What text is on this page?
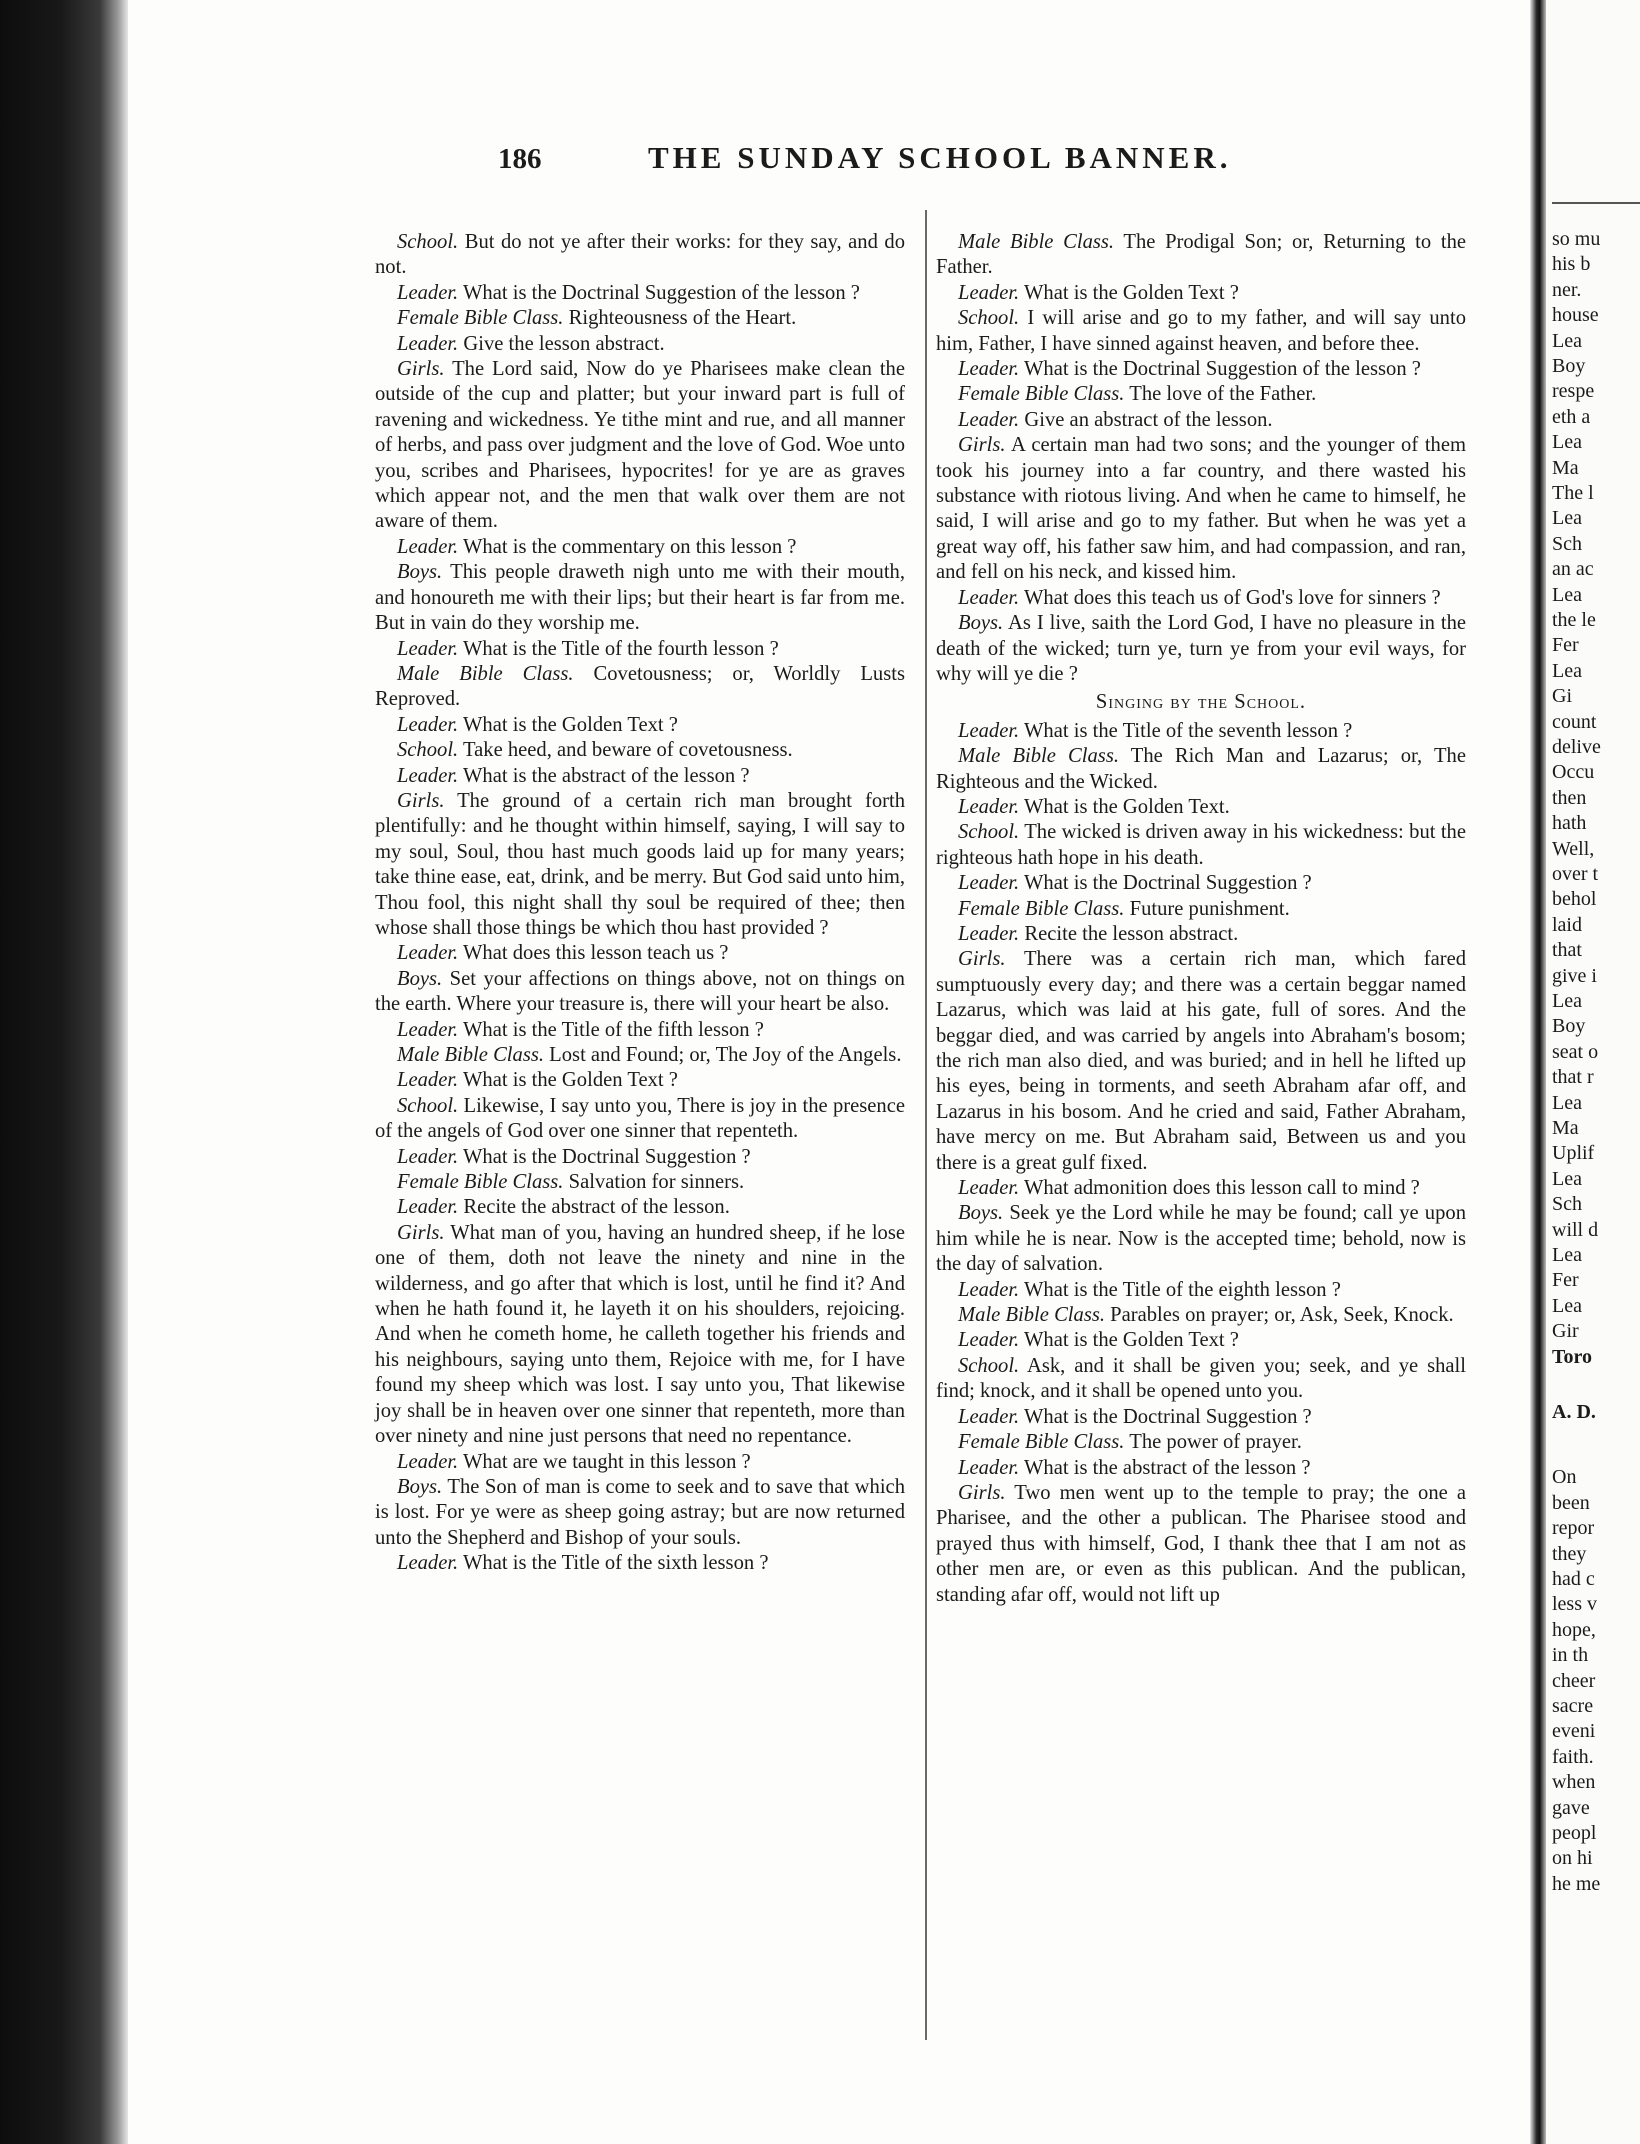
186	THE SUNDAY SCHOOL BANNER.

School. But do not ye after their works: for they say, and do not.

Leader. What is the Doctrinal Suggestion of the lesson ?

Female Bible Class. Righteousness of the Heart.

Leader. Give the lesson abstract.

Girls. The Lord said, Now do ye Pharisees make clean the outside of the cup and platter; but your inward part is full of ravening and wickedness. Ye tithe mint and rue, and all manner of herbs, and pass over judgment and the love of God. Woe unto you, scribes and Pharisees, hypocrites! for ye are as graves which appear not, and the men that walk over them are not aware of them.

Leader. What is the commentary on this lesson ?

Boys. This people draweth nigh unto me with their mouth, and honoureth me with their lips; but their heart is far from me. But in vain do they worship me.

Leader. What is the Title of the fourth lesson ?

Male Bible Class. Covetousness; or, Worldly Lusts Reproved.

Leader. What is the Golden Text ?

School. Take heed, and beware of covetousness.

Leader. What is the abstract of the lesson ?

Girls. The ground of a certain rich man brought forth plentifully: and he thought within himself, saying, I will say to my soul, Soul, thou hast much goods laid up for many years; take thine ease, eat, drink, and be merry. But God said unto him, Thou fool, this night shall thy soul be required of thee; then whose shall those things be which thou hast provided ?

Leader. What does this lesson teach us ?

Boys. Set your affections on things above, not on things on the earth. Where your treasure is, there will your heart be also.

Leader. What is the Title of the fifth lesson ?

Male Bible Class. Lost and Found; or, The Joy of the Angels.

Leader. What is the Golden Text ?

School. Likewise, I say unto you, There is joy in the presence of the angels of God over one sinner that repenteth.

Leader. What is the Doctrinal Suggestion ?

Female Bible Class. Salvation for sinners.

Leader. Recite the abstract of the lesson.

Girls. What man of you, having an hundred sheep, if he lose one of them, doth not leave the ninety and nine in the wilderness, and go after that which is lost, until he find it? And when he hath found it, he layeth it on his shoulders, rejoicing. And when he cometh home, he calleth together his friends and his neighbours, saying unto them, Rejoice with me, for I have found my sheep which was lost. I say unto you, That likewise joy shall be in heaven over one sinner that repenteth, more than over ninety and nine just persons that need no repentance.

Leader. What are we taught in this lesson ?

Boys. The Son of man is come to seek and to save that which is lost. For ye were as sheep going astray; but are now returned unto the Shepherd and Bishop of your souls.

Leader. What is the Title of the sixth lesson ?

Male Bible Class. The Prodigal Son; or, Returning to the Father.

Leader. What is the Golden Text ?

School. I will arise and go to my father, and will say unto him, Father, I have sinned against heaven, and before thee.

Leader. What is the Doctrinal Suggestion of the lesson ?

Female Bible Class. The love of the Father.

Leader. Give an abstract of the lesson.

Girls. A certain man had two sons; and the younger of them took his journey into a far country, and there wasted his substance with riotous living. And when he came to himself, he said, I will arise and go to my father. But when he was yet a great way off, his father saw him, and had compassion, and ran, and fell on his neck, and kissed him.

Leader. What does this teach us of God's love for sinners ?

Boys. As I live, saith the Lord God, I have no pleasure in the death of the wicked; turn ye, turn ye from your evil ways, for why will ye die ?

Singing by the School.

Leader. What is the Title of the seventh lesson ?

Male Bible Class. The Rich Man and Lazarus; or, The Righteous and the Wicked.

Leader. What is the Golden Text.

School. The wicked is driven away in his wickedness: but the righteous hath hope in his death.

Leader. What is the Doctrinal Suggestion ?

Female Bible Class. Future punishment.

Leader. Recite the lesson abstract.

Girls. There was a certain rich man, which fared sumptuously every day; and there was a certain beggar named Lazarus, which was laid at his gate, full of sores. And the beggar died, and was carried by angels into Abraham's bosom; the rich man also died, and was buried; and in hell he lifted up his eyes, being in torments, and seeth Abraham afar off, and Lazarus in his bosom. And he cried and said, Father Abraham, have mercy on me. But Abraham said, Between us and you there is a great gulf fixed.

Leader. What admonition does this lesson call to mind ?

Boys. Seek ye the Lord while he may be found; call ye upon him while he is near. Now is the accepted time; behold, now is the day of salvation.

Leader. What is the Title of the eighth lesson ?

Male Bible Class. Parables on prayer; or, Ask, Seek, Knock.

Leader. What is the Golden Text ?

School. Ask, and it shall be given you; seek, and ye shall find; knock, and it shall be opened unto you.

Leader. What is the Doctrinal Suggestion ?

Female Bible Class. The power of prayer.

Leader. What is the abstract of the lesson ?

Girls. Two men went up to the temple to pray; the one a Pharisee, and the other a publican. The Pharisee stood and prayed thus with himself, God, I thank thee that I am not as other men are, or even as this publican. And the publican, standing afar off, would not lift up

so mu
his b
ner.
house
Lea
Boy
respe
eth a
Lea
Ma
The l
Lea
Sch
an ac
Lea
the le
Fer
Lea
Gi
count
delive
Occu
then
hath
Well,
over t
behol
laid
that
give i
Lea
Boy
seat o
that r
Lea
Ma
Uplif
Lea
Sch
will d
Lea
Fer
Lea
Gir
Toro
A. D.
On
been
repor
they
had c
less v
hope,
in th
cheer
sacre
eveni
faith.
when
gave
peopl
on hi
he me
